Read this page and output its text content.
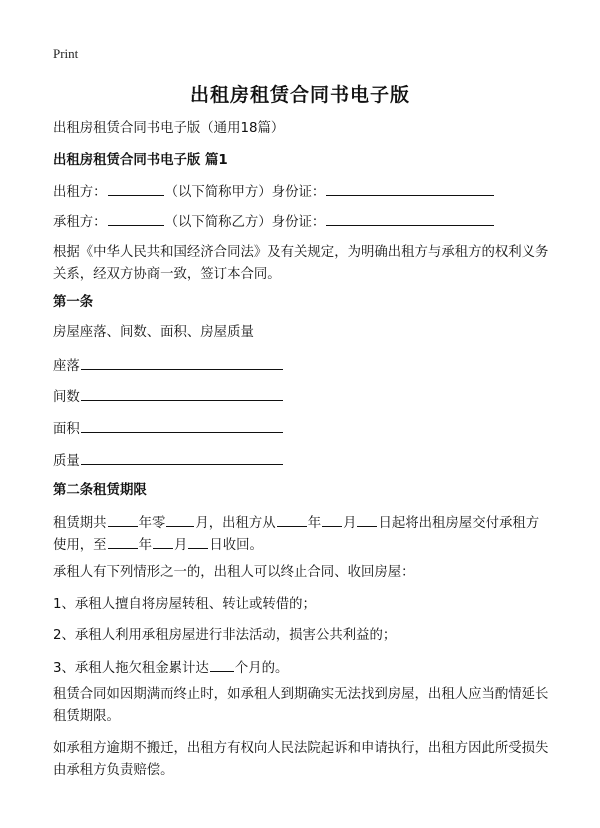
Print
出租房租赁合同书电子版
出租房租赁合同书电子版（通用18篇）
出租房租赁合同书电子版 篇1
出租方：	（以下简称甲方）身份证：
承租方：	（以下简称乙方）身份证：
根据《中华人民共和国经济合同法》及有关规定，为明确出租方与承租方的权利义务关系，经双方协商一致，签订本合同。
第一条
房屋座落、间数、面积、房屋质量
座落
间数
面积
质量
第二条租赁期限
租赁期共 年零 月，出租方从 年 月 日起将出租房屋交付承租方
使用，至 年 月 日收回。
承租人有下列情形之一的，出租人可以终止合同、收回房屋：
1、承租人擅自将房屋转租、转让或转借的；
2、承租人利用承租房屋进行非法活动，损害公共利益的；
3、承租人拖欠租金累计达 个月的。
租赁合同如因期满而终止时，如承租人到期确实无法找到房屋，出租人应当酌情延长租赁期限。
如承租方逾期不搬迁，出租方有权向人民法院起诉和申请执行，出租方因此所受损失由承租方负责赔偿。
